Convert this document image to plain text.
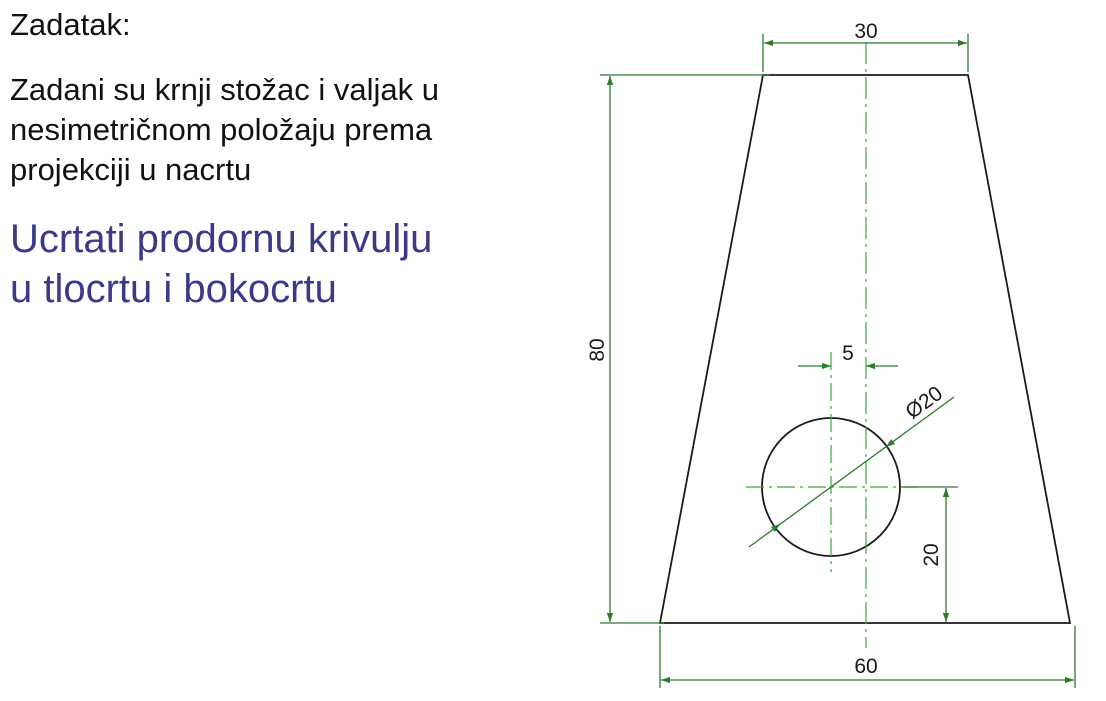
Zadatak:
Zadani su krnji stožac i valjak u
nesimetričnom položaju prema
projekciji u nacrtu
Ucrtati prodornu krivulju
u tlocrtu i bokocrtu
30
80	5
Ø20
20
60
